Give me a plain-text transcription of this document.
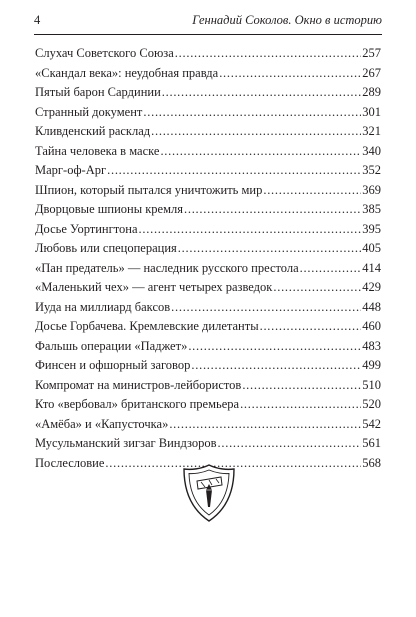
4	Геннадий Соколов. Окно в историю
Слухач Советского Союза . . .	257
«Скандал века»: неудобная правда . . .	267
Пятый барон Сардинии . . .	289
Странный документ . . .	301
Кливденский расклад . . .	321
Тайна человека в маске . . .	340
Марг-оф-Арг . . .	352
Шпион, который пытался уничтожить мир . . .	369
Дворцовые шпионы кремля . . .	385
Досье Уортингтона . . .	395
Любовь или спецоперация . . .	405
«Пан предатель» — наследник русского престола . . .	414
«Маленький чех» — агент четырех разведок . . .	429
Иуда на миллиард баксов . . .	448
Досье Горбачева. Кремлевские дилетанты . . .	460
Фальшь операции «Паджет» . . .	483
Финсен и офшорный заговор . . .	499
Компромат на министров-лейбористов . . .	510
Кто «вербовал» британского премьера . . .	520
«Амёба» и «Капусточка» . . .	542
Мусульманский зигзаг Виндзоров . . .	561
Послесловие . . .	568
